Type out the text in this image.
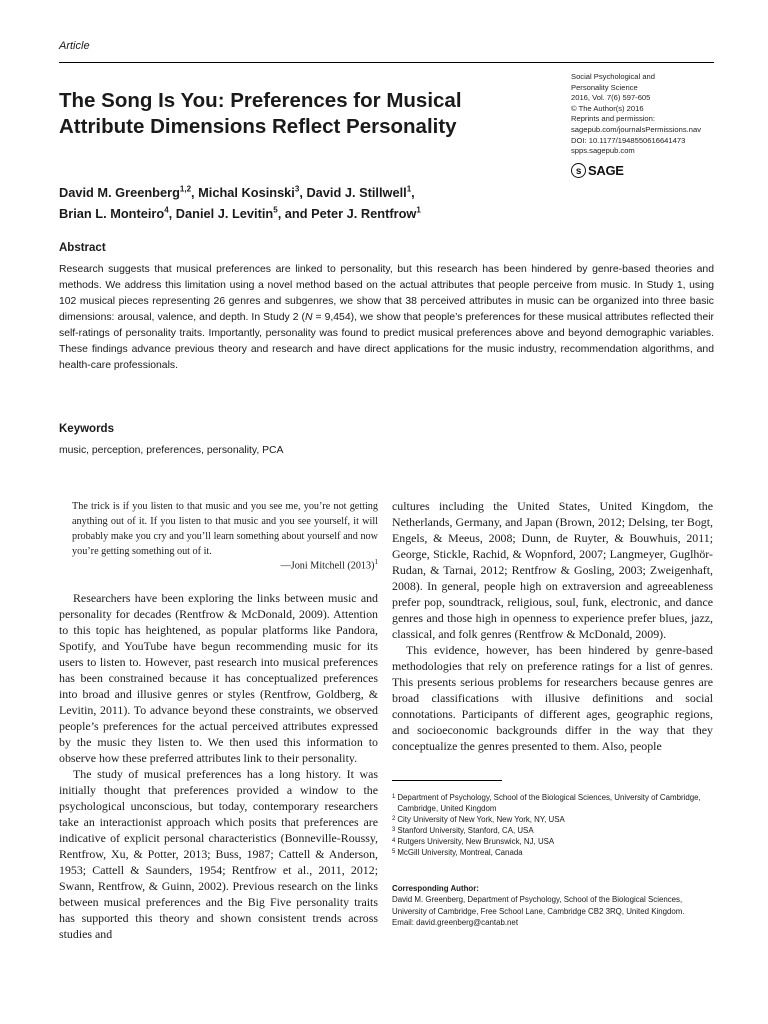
Article
The Song Is You: Preferences for Musical Attribute Dimensions Reflect Personality
Social Psychological and
Personality Science
2016, Vol. 7(6) 597-605
© The Author(s) 2016
Reprints and permission:
sagepub.com/journalsPermissions.nav
DOI: 10.1177/1948550616641473
spps.sagepub.com
s SAGE
David M. Greenberg$^{1,2}$, Michal Kosinski$^3$, David J. Stillwell$^1$,
Brian L. Monteiro$^4$, Daniel J. Levitin$^5$, and Peter J. Rentfrow$^1$
Abstract
Research suggests that musical preferences are linked to personality, but this research has been hindered by genre-based theories and methods. We address this limitation using a novel method based on the actual attributes that people perceive from music. In Study 1, using 102 musical pieces representing 26 genres and subgenres, we show that 38 perceived attributes in music can be organized into three basic dimensions: arousal, valence, and depth. In Study 2 (N = 9,454), we show that people’s preferences for these musical attributes reflected their self-ratings of personality traits. Importantly, personality was found to predict musical preferences above and beyond demographic variables. These findings advance previous theory and research and have direct applications for the music industry, recommendation algorithms, and health-care professionals.
Keywords
music, perception, preferences, personality, PCA
The trick is if you listen to that music and you see me, you’re not getting anything out of it. If you listen to that music and you see yourself, it will probably make you cry and you’ll learn something about yourself and now you’re getting something out of it.
—Joni Mitchell $(2013)^1$

Researchers have been exploring the links between music and personality for decades (Rentfrow & McDonald, 2009). Attention to this topic has heightened, as popular platforms like Pandora, Spotify, and YouTube have begun recommending music for its users to listen to. However, past research into musical preferences has been constrained because it has conceptualized preferences into broad and illusive genres or styles (Rentfrow, Goldberg, & Levitin, 2011). To advance beyond these constraints, we observed people’s preferences for the actual perceived attributes expressed by the music they listen to. We then used this information to observe how these preferred attributes link to their personality.

The study of musical preferences has a long history. It was initially thought that preferences provided a window to the psychological unconscious, but today, contemporary researchers take an interactionist approach which posits that preferences are indicative of explicit personal characteristics (Bonneville-Roussy, Rentfrow, Xu, & Potter, 2013; Buss, 1987; Cattell & Anderson, 1953; Cattell & Saunders, 1954; Rentfrow et al., 2011, 2012; Swann, Rentfrow, & Guinn, 2002). Previous research on the links between musical preferences and the Big Five personality traits has supported this theory and shown consistent trends across studies and

cultures including the United States, United Kingdom, the Netherlands, Germany, and Japan (Brown, 2012; Delsing, ter Bogt, Engels, & Meeus, 2008; Dunn, de Ruyter, & Bouwhuis, 2011; George, Stickle, Rachid, & Wopnford, 2007; Langmeyer, Guglhör-Rudan, & Tarnai, 2012; Rentfrow & Gosling, 2003; Zweigenhaft, 2008). In general, people high on extraversion and agreeableness prefer pop, soundtrack, religious, soul, funk, electronic, and dance genres and those high in openness to experience prefer blues, jazz, classical, and folk genres (Rentfrow & McDonald, 2009).

This evidence, however, has been hindered by genre-based methodologies that rely on preference ratings for a list of genres. This presents serious problems for researchers because genres are broad classifications with illusive definitions and social connotations. Participants of different ages, geographic regions, and socioeconomic backgrounds differ in the way that they conceptualize the genres presented to them. Also, people

1 Department of Psychology, School of the Biological Sciences, University of Cambridge, Cambridge, United Kingdom
2 City University of New York, New York, NY, USA
3 Stanford University, Stanford, CA, USA
4 Rutgers University, New Brunswick, NJ, USA
5 McGill University, Montreal, Canada
Corresponding Author:
David M. Greenberg, Department of Psychology, School of the Biological Sciences, University of Cambridge, Free School Lane, Cambridge CB2 3RQ, United Kingdom.
Email: david.greenberg@cantab.net
